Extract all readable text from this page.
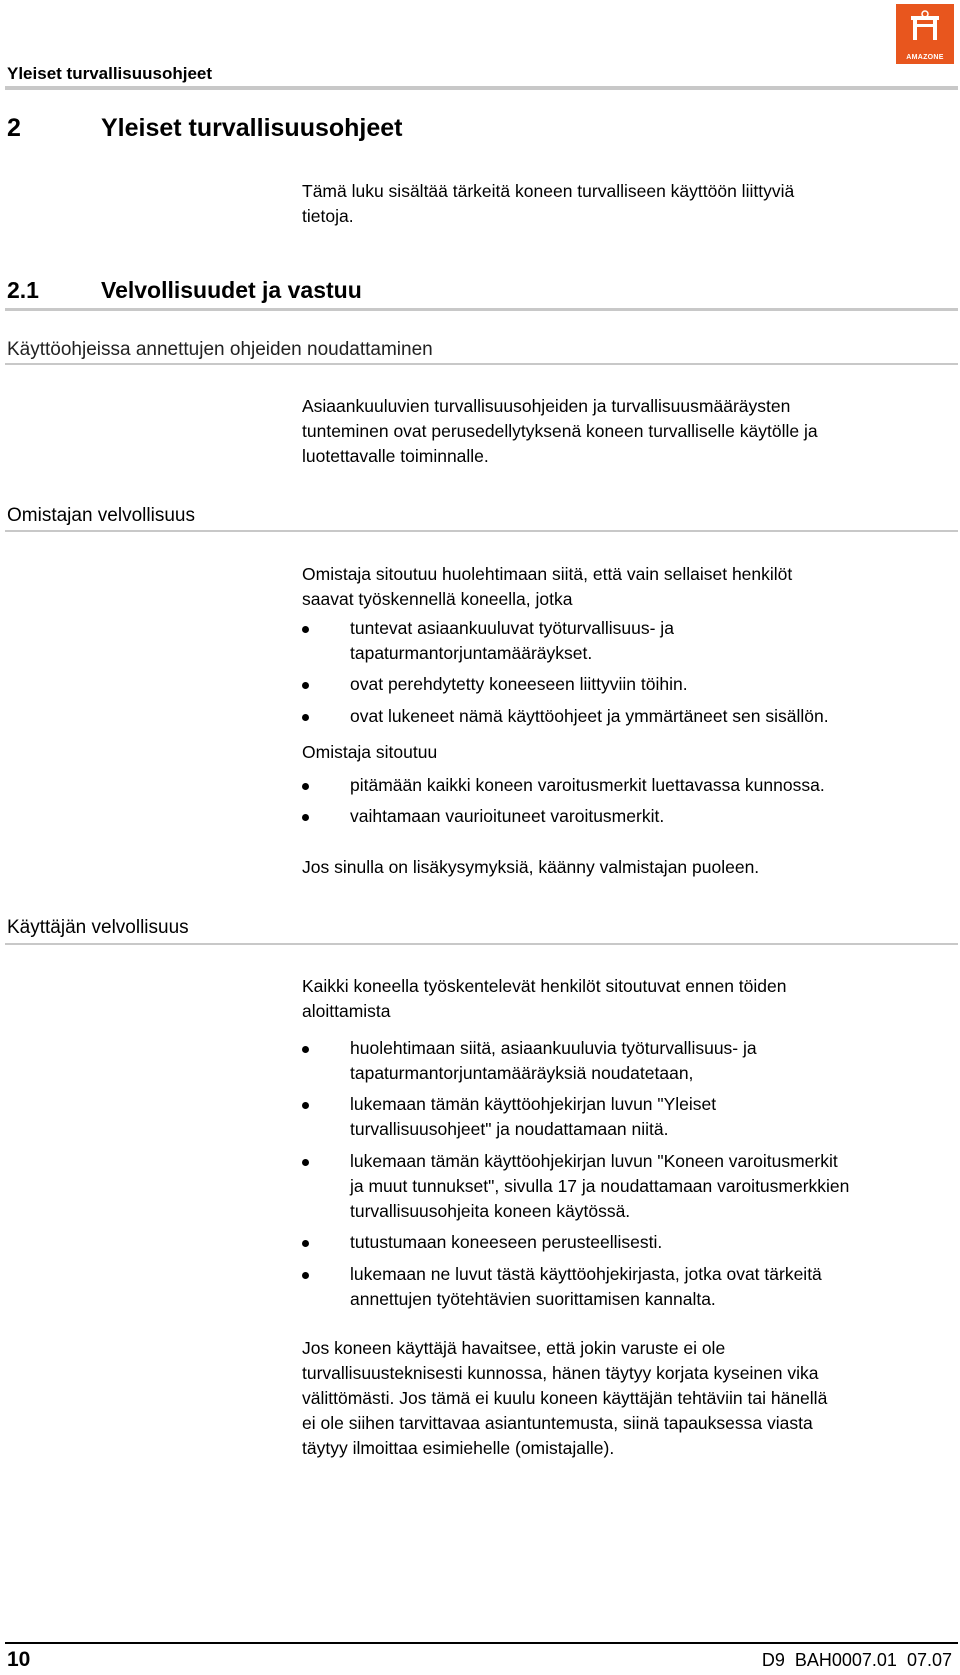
Yleiset turvallisuusohjeet
AMAZONE
2	Yleiset turvallisuusohjeet
Tämä luku sisältää tärkeitä koneen turvalliseen käyttöön liittyviä
tietoja.
2.1	Velvollisuudet ja vastuu
Käyttöohjeissa annettujen ohjeiden noudattaminen
Asiaankuuluvien turvallisuusohjeiden ja turvallisuusmääräysten
tunteminen ovat perusedellytyksenä koneen turvalliselle käytölle ja
luotettavalle toiminnalle.
Omistajan velvollisuus
Omistaja sitoutuu huolehtimaan siitä, että vain sellaiset henkilöt
saavat työskennellä koneella, jotka
tuntevat asiaankuuluvat työturvallisuus- ja
tapaturmantorjuntamääräykset.
ovat perehdytetty koneeseen liittyviin töihin.
ovat lukeneet nämä käyttöohjeet ja ymmärtäneet sen sisällön.
Omistaja sitoutuu
pitämään kaikki koneen varoitusmerkit luettavassa kunnossa.
vaihtamaan vaurioituneet varoitusmerkit.
Jos sinulla on lisäkysymyksiä, käänny valmistajan puoleen.
Käyttäjän velvollisuus
Kaikki koneella työskentelevät henkilöt sitoutuvat ennen töiden
aloittamista
huolehtimaan siitä, asiaankuuluvia työturvallisuus- ja
tapaturmantorjuntamääräyksiä noudatetaan,
lukemaan tämän käyttöohjekirjan luvun "Yleiset
turvallisuusohjeet" ja noudattamaan niitä.
lukemaan tämän käyttöohjekirjan luvun "Koneen varoitusmerkit
ja muut tunnukset", sivulla 17 ja noudattamaan varoitusmerkkien
turvallisuusohjeita koneen käytössä.
tutustumaan koneeseen perusteellisesti.
lukemaan ne luvut tästä käyttöohjekirjasta, jotka ovat tärkeitä
annettujen työtehtävien suorittamisen kannalta.
Jos koneen käyttäjä havaitsee, että jokin varuste ei ole
turvallisuusteknisesti kunnossa, hänen täytyy korjata kyseinen vika
välittömästi. Jos tämä ei kuulu koneen käyttäjän tehtäviin tai hänellä
ei ole siihen tarvittavaa asiantuntemusta, siinä tapauksessa viasta
täytyy ilmoittaa esimiehelle (omistajalle).
10	D9  BAH0007.01  07.07
